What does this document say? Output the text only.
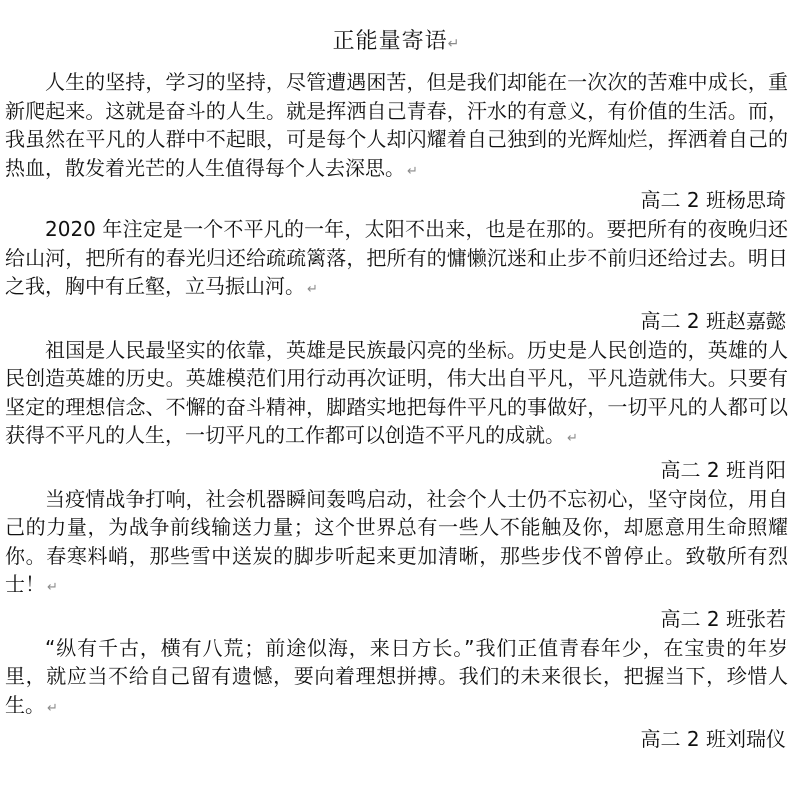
正能量寄语↵

人生的坚持，学习的坚持，尽管遭遇困苦，但是我们却能在一次次的苦难中成长，重新爬起来。这就是奋斗的人生。就是挥洒自己青春，汗水的有意义，有价值的生活。而，我虽然在平凡的人群中不起眼，可是每个人却闪耀着自己独到的光辉灿烂，挥洒着自己的热血，散发着光芒的人生值得每个人去深思。 ↵

高二 2 班杨思琦

2020 年注定是一个不平凡的一年，太阳不出来，也是在那的。要把所有的夜晚归还给山河，把所有的春光归还给疏疏篱落，把所有的慵懒沉迷和止步不前归还给过去。明日之我，胸中有丘壑，立马振山河。 ↵

高二 2 班赵嘉懿

祖国是人民最坚实的依靠，英雄是民族最闪亮的坐标。历史是人民创造的，英雄的人民创造英雄的历史。英雄模范们用行动再次证明，伟大出自平凡，平凡造就伟大。只要有坚定的理想信念、不懈的奋斗精神，脚踏实地把每件平凡的事做好，一切平凡的人都可以获得不平凡的人生，一切平凡的工作都可以创造不平凡的成就。 ↵

高二 2 班肖阳

当疫情战争打响，社会机器瞬间轰鸣启动，社会个人士仍不忘初心，坚守岗位，用自己的力量，为战争前线输送力量；这个世界总有一些人不能触及你，却愿意用生命照耀你。春寒料峭，那些雪中送炭的脚步听起来更加清晰，那些步伐不曾停止。致敬所有烈士！ ↵

高二 2 班张若

“纵有千古，横有八荒；前途似海，来日方长。”我们正值青春年少，在宝贵的年岁里，就应当不给自己留有遗憾，要向着理想拼搏。我们的未来很长，把握当下，珍惜人生。 ↵

高二 2 班刘瑞仪
